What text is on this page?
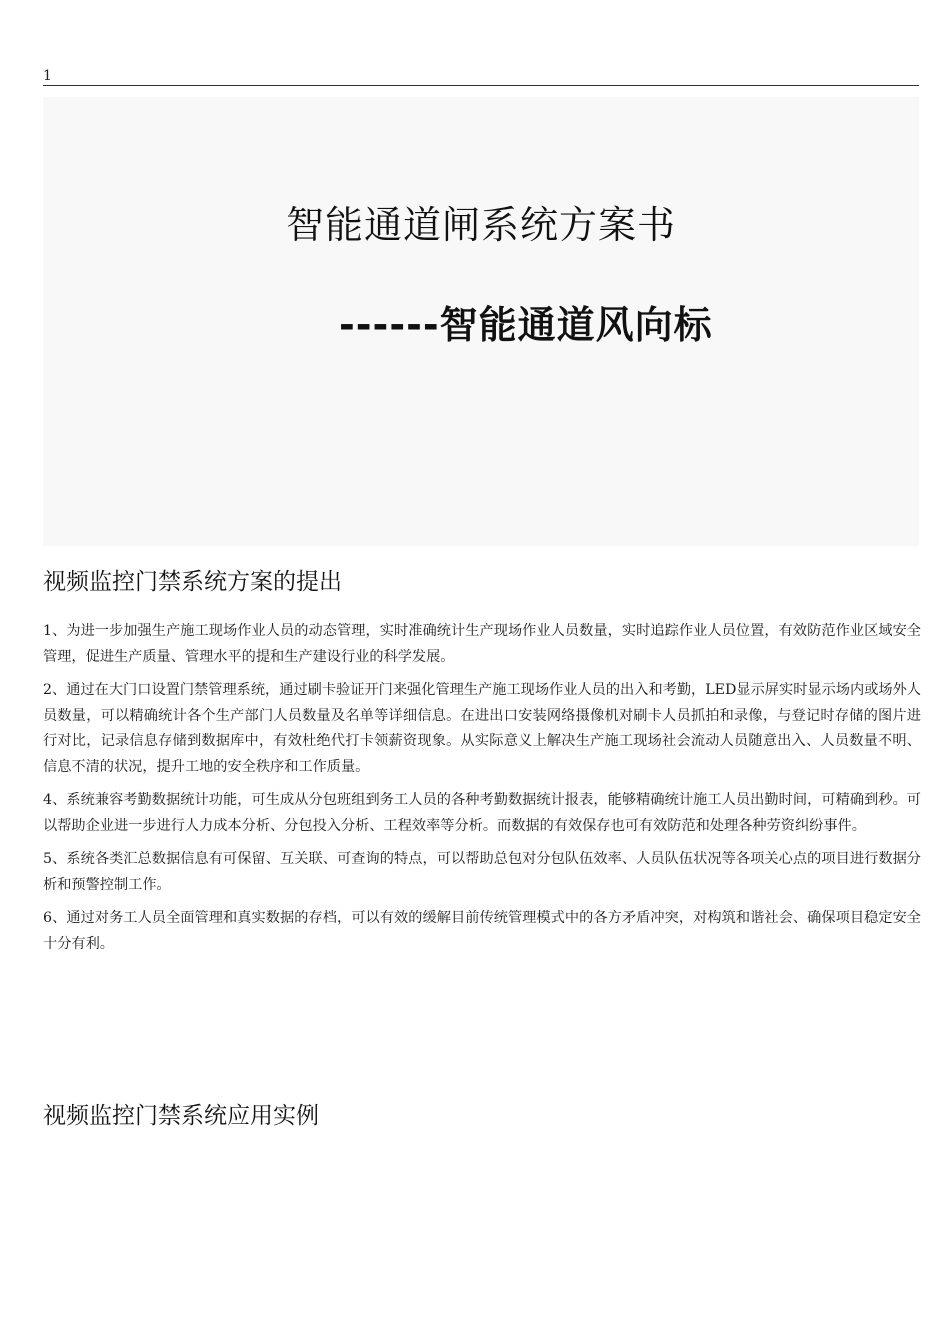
1
智能通道闸系统方案书
------智能通道风向标
视频监控门禁系统方案的提出

1、为进一步加强生产施工现场作业人员的动态管理，实时准确统计生产现场作业人员数量，实时追踪作业人员位置，有效防范作业区域安全管理，促进生产质量、管理水平的提和生产建设行业的科学发展。

2、通过在大门口设置门禁管理系统，通过刷卡验证开门来强化管理生产施工现场作业人员的出入和考勤，LED显示屏实时显示场内或场外人员数量，可以精确统计各个生产部门人员数量及名单等详细信息。在进出口安装网络摄像机对刷卡人员抓拍和录像，与登记时存储的图片进行对比，记录信息存储到数据库中，有效杜绝代打卡领薪资现象。从实际意义上解决生产施工现场社会流动人员随意出入、人员数量不明、信息不清的状况，提升工地的安全秩序和工作质量。

4、系统兼容考勤数据统计功能，可生成从分包班组到务工人员的各种考勤数据统计报表，能够精确统计施工人员出勤时间，可精确到秒。可以帮助企业进一步进行人力成本分析、分包投入分析、工程效率等分析。而数据的有效保存也可有效防范和处理各种劳资纠纷事件。

5、系统各类汇总数据信息有可保留、互关联、可查询的特点，可以帮助总包对分包队伍效率、人员队伍状况等各项关心点的项目进行数据分析和预警控制工作。

6、通过对务工人员全面管理和真实数据的存档，可以有效的缓解目前传统管理模式中的各方矛盾冲突，对构筑和谐社会、确保项目稳定安全十分有利。

视频监控门禁系统应用实例
